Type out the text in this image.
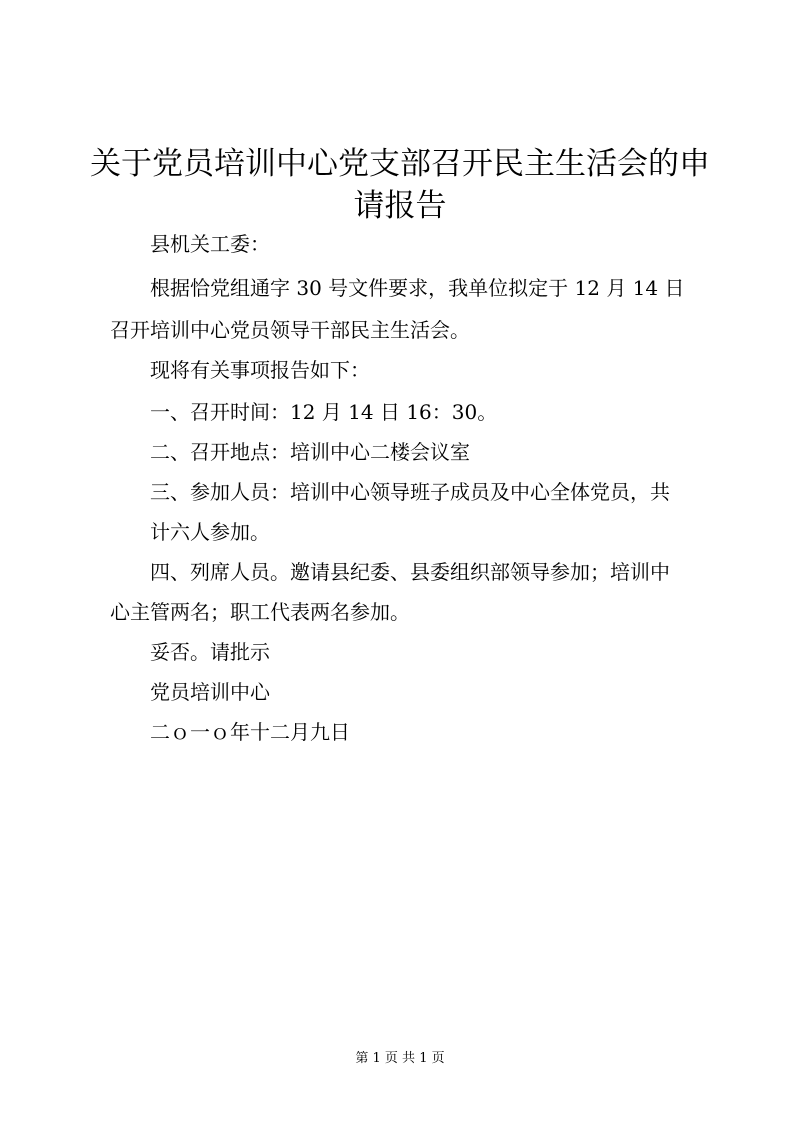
关于党员培训中心党支部召开民主生活会的申
请报告

县机关工委：

根据恰党组通字 30 号文件要求，我单位拟定于 12 月 14 日

召开培训中心党员领导干部民主生活会。

现将有关事项报告如下：

一、召开时间：12 月 14 日 16：30。

二、召开地点：培训中心二楼会议室

三、参加人员：培训中心领导班子成员及中心全体党员，共

计六人参加。

四、列席人员。邀请县纪委、县委组织部领导参加；培训中

心主管两名；职工代表两名参加。

妥否。请批示

党员培训中心

二ｏ一ｏ年十二月九日

第 1 页 共 1 页
